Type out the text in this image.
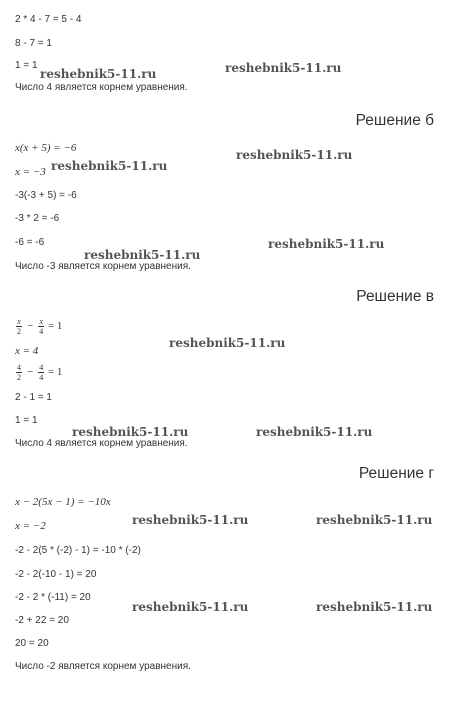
2 * 4 - 7 = 5 - 4
8 - 7 = 1
1 = 1
Число 4 является корнем уравнения.
Решение б
x(x + 5) = −6
x = −3
-3(-3 + 5) = -6
-3 * 2 = -6
-6 = -6
Число -3 является корнем уравнения.
Решение в
$\frac{x}{2} - \frac{x}{4} = 1$
x = 4
$\frac{4}{2} - \frac{4}{4} = 1$
2 - 1 = 1
1 = 1
Число 4 является корнем уравнения.
Решение г
x − 2(5x − 1) = −10x
x = −2
-2 - 2(5 * (-2) - 1) = -10 * (-2)
-2 - 2(-10 - 1) = 20
-2 - 2 * (-11) = 20
-2 + 22 = 20
20 = 20
Число -2 является корнем уравнения.
reshebnik5-11.ru	reshebnik5-11.ru
reshebnik5-11.ru
reshebnik5-11.ru
reshebnik5-11.ru
reshebnik5-11.ru
reshebnik5-11.ru
reshebnik5-11.ru	reshebnik5-11.ru
reshebnik5-11.ru	reshebnik5-11.ru
reshebnik5-11.ru	reshebnik5-11.ru
